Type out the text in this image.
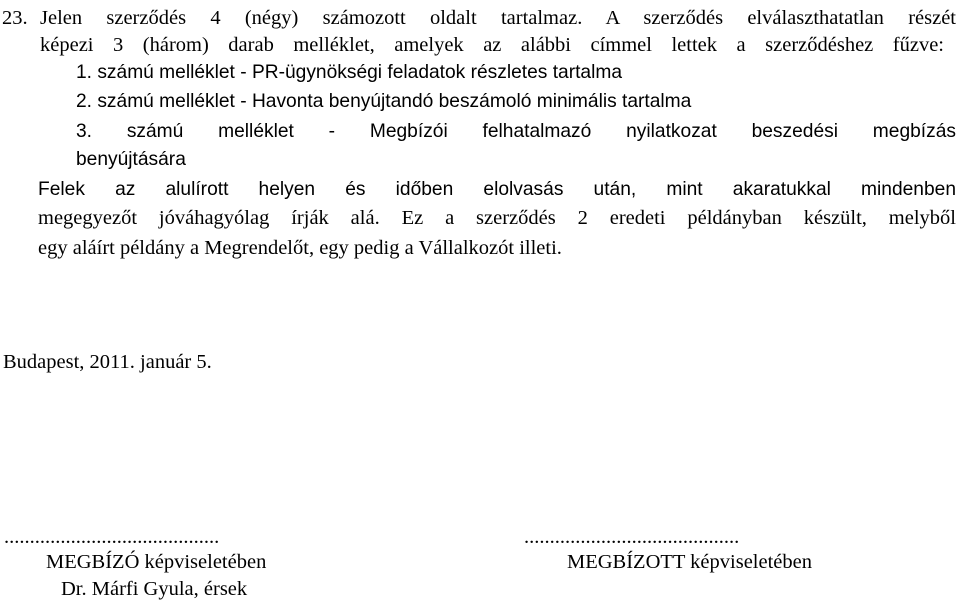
23. Jelen szerződés 4 (négy) számozott oldalt tartalmaz. A szerződés elválaszthatatlan részét
képezi 3 (három) darab melléklet, amelyek az alábbi címmel lettek a szerződéshez fűzve:
1. számú melléklet - PR-ügynökségi feladatok részletes tartalma
2. számú melléklet - Havonta benyújtandó beszámoló minimális tartalma
3. számú melléklet - Megbízói felhatalmazó nyilatkozat beszedési megbízás
benyújtására
Felek az alulírott helyen és időben elolvasás után, mint akaratukkal mindenben
megegyezőt jóváhagyólag írják alá. Ez a szerződés 2 eredeti példányban készült, melyből
egy aláírt példány a Megrendelőt, egy pedig a Vállalkozót illeti.
Budapest, 2011. január 5.
..........................................
MEGBÍZÓ képviseletében
Dr. Márfi Gyula, érsek
..........................................
MEGBÍZOTT képviseletében
